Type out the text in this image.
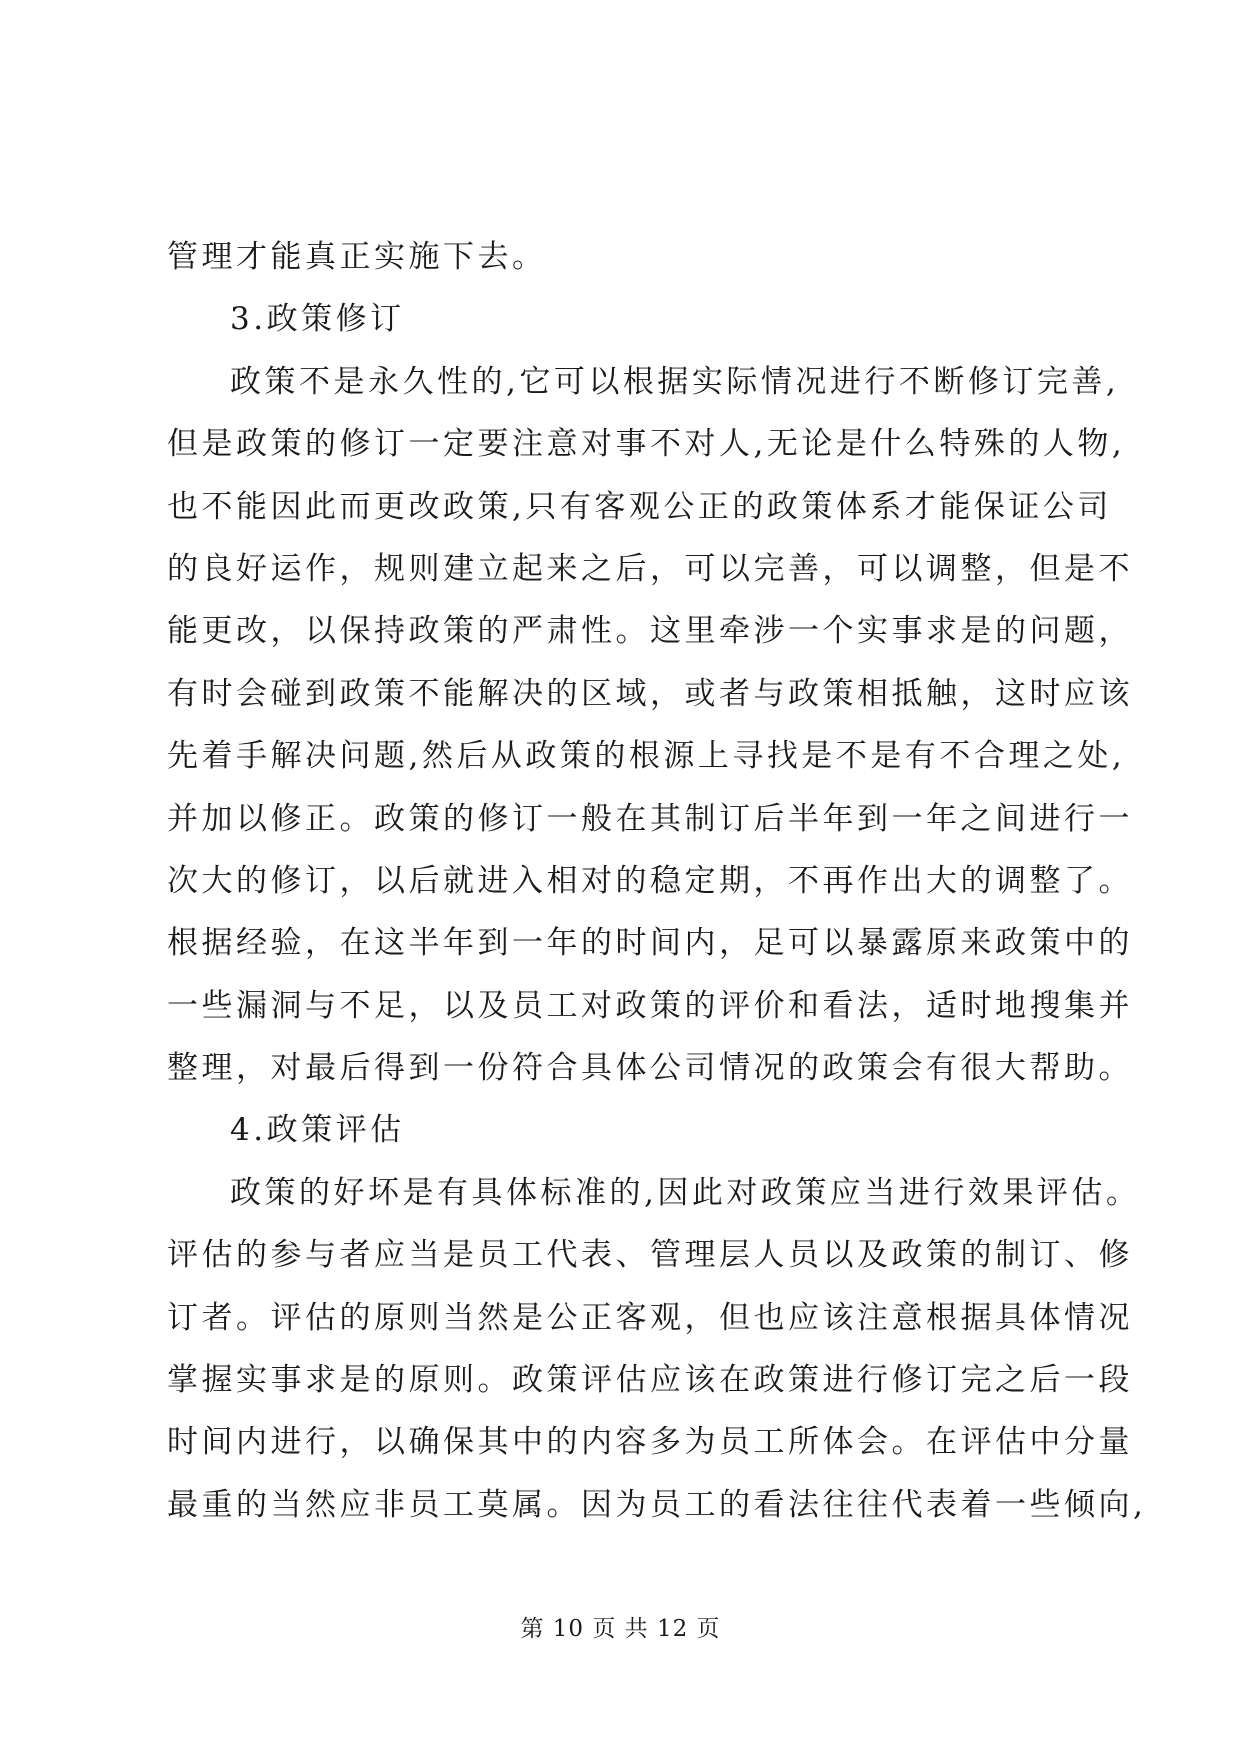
管理才能真正实施下去。
3.政策修订
政策不是永久性的,它可以根据实际情况进行不断修订完善,
但是政策的修订一定要注意对事不对人,无论是什么特殊的人物,
也不能因此而更改政策,只有客观公正的政策体系才能保证公司
的良好运作，规则建立起来之后，可以完善，可以调整，但是不
能更改，以保持政策的严肃性。这里牵涉一个实事求是的问题，
有时会碰到政策不能解决的区域，或者与政策相抵触，这时应该
先着手解决问题,然后从政策的根源上寻找是不是有不合理之处,
并加以修正。政策的修订一般在其制订后半年到一年之间进行一
次大的修订，以后就进入相对的稳定期，不再作出大的调整了。
根据经验，在这半年到一年的时间内，足可以暴露原来政策中的
一些漏洞与不足，以及员工对政策的评价和看法，适时地搜集并
整理，对最后得到一份符合具体公司情况的政策会有很大帮助。
4.政策评估
政策的好坏是有具体标准的,因此对政策应当进行效果评估。
评估的参与者应当是员工代表、管理层人员以及政策的制订、修
订者。评估的原则当然是公正客观，但也应该注意根据具体情况
掌握实事求是的原则。政策评估应该在政策进行修订完之后一段
时间内进行，以确保其中的内容多为员工所体会。在评估中分量
最重的当然应非员工莫属。因为员工的看法往往代表着一些倾向,
第 10 页 共 12 页
